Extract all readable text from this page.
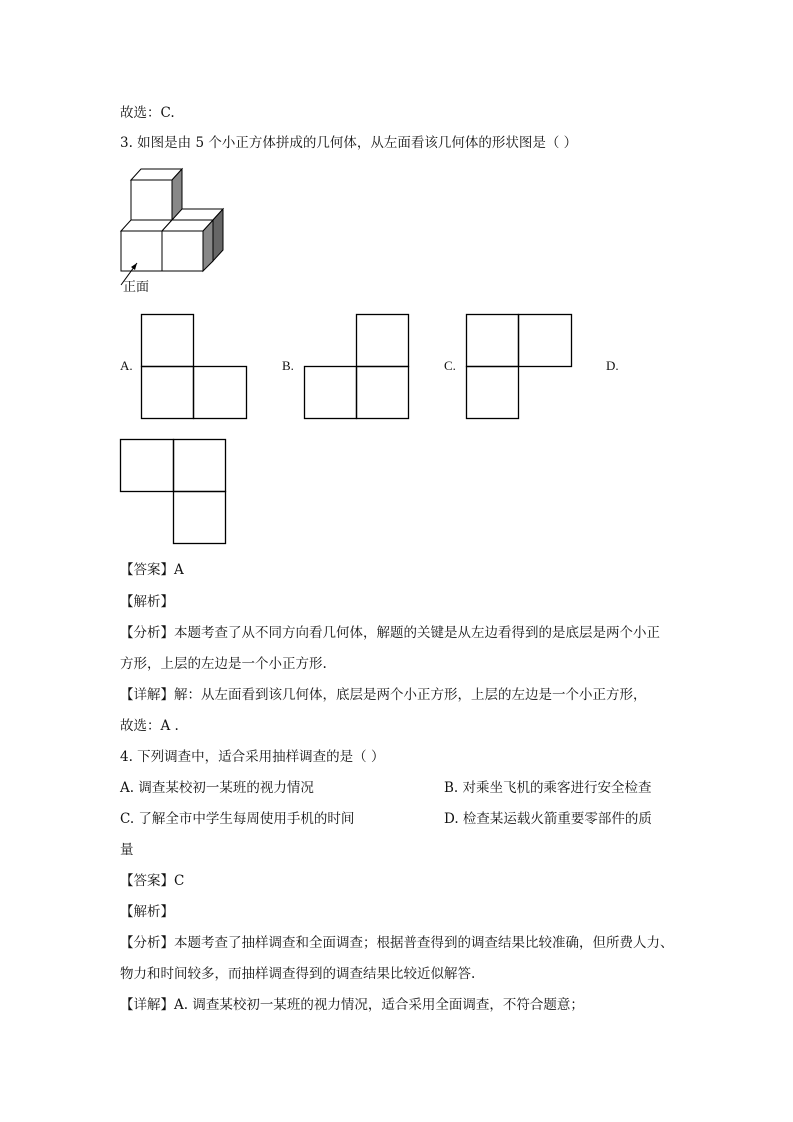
故选：C.
3. 如图是由 5 个小正方体拼成的几何体，从左面看该几何体的形状图是（ ）
正面
A.	B.	C.	D.
【答案】A
【解析】
【分析】本题考查了从不同方向看几何体，解题的关键是从左边看得到的是底层是两个小正
方形，上层的左边是一个小正方形.
【详解】解：从左面看到该几何体，底层是两个小正方形，上层的左边是一个小正方形，
故选：A .
4. 下列调查中，适合采用抽样调查的是（ ）
A. 调查某校初一某班的视力情况	B. 对乘坐飞机的乘客进行安全检查
C. 了解全市中学生每周使用手机的时间	D. 检查某运载火箭重要零部件的质
量
【答案】C
【解析】
【分析】本题考查了抽样调查和全面调查；根据普查得到的调查结果比较准确，但所费人力、
物力和时间较多，而抽样调查得到的调查结果比较近似解答.
【详解】A. 调查某校初一某班的视力情况，适合采用全面调查，不符合题意；
